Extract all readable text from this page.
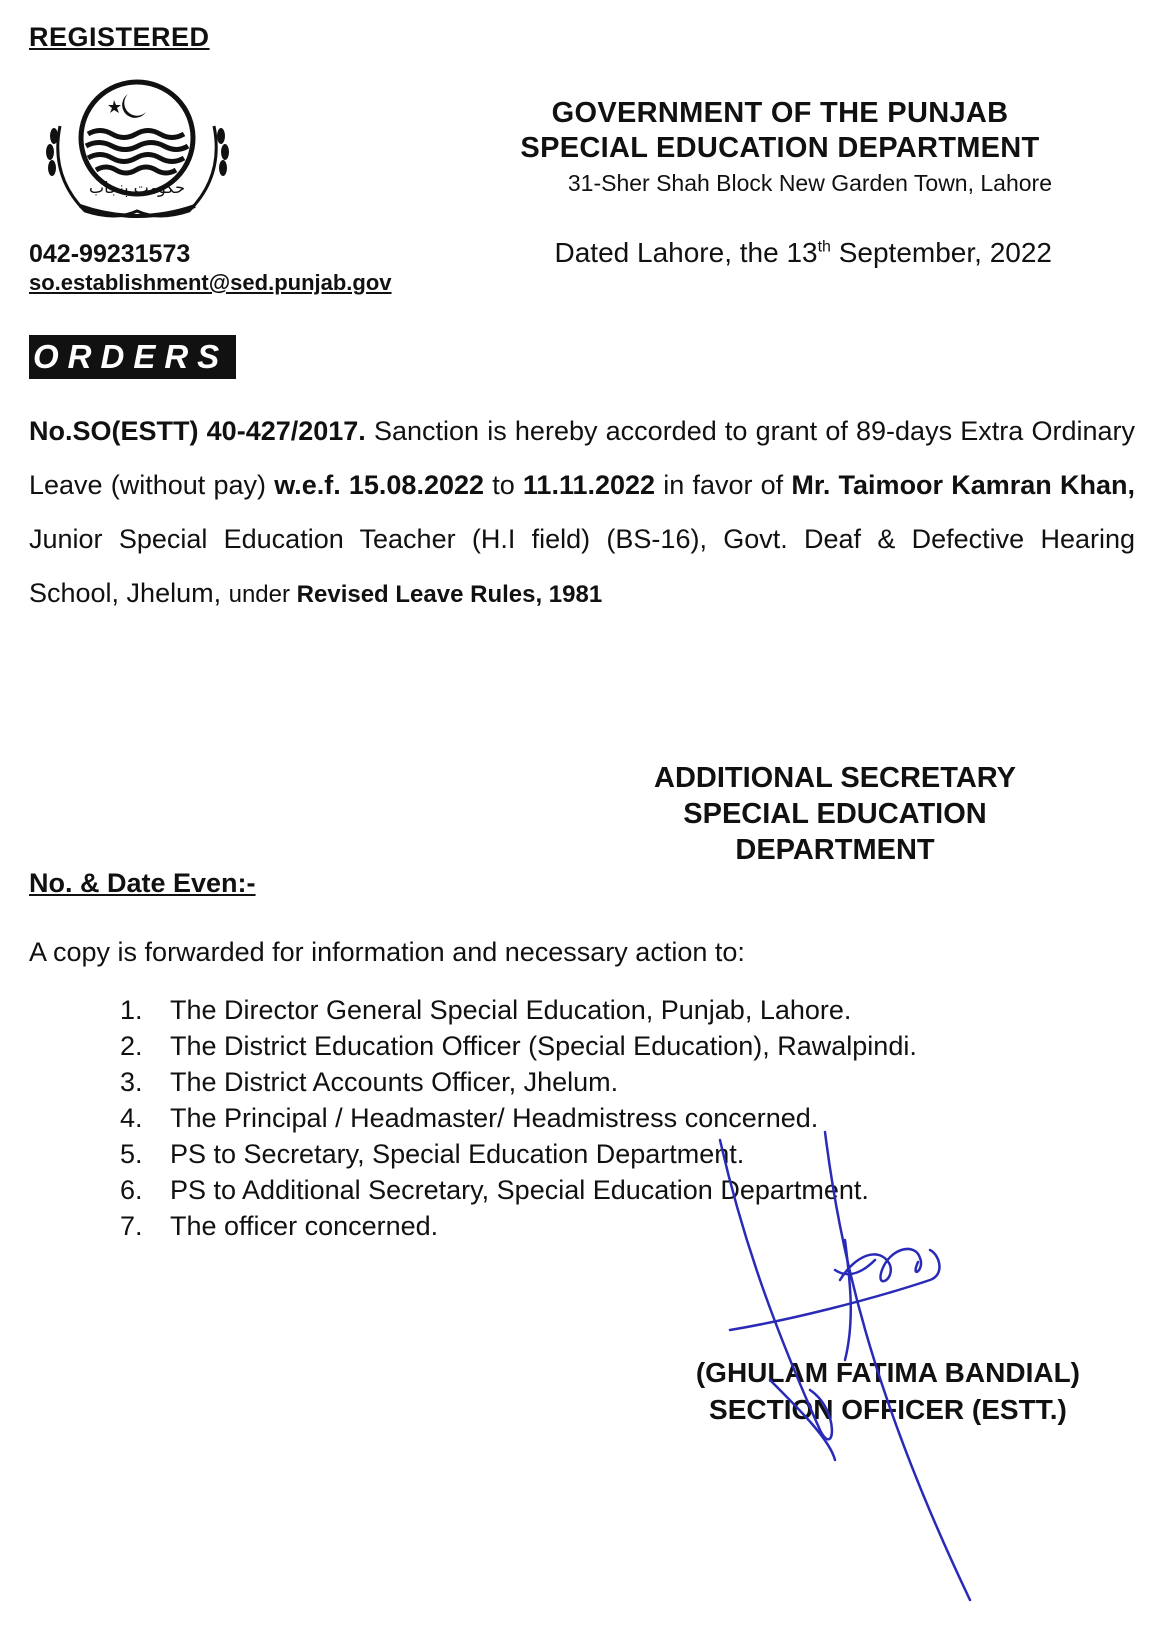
REGISTERED
حکومت پنجاب
GOVERNMENT OF THE PUNJAB
SPECIAL EDUCATION DEPARTMENT
31-Sher Shah Block New Garden Town, Lahore
042-99231573
so.establishment@sed.punjab.gov
Dated Lahore, the 13th September, 2022
ORDERS
No.SO(ESTT) 40-427/2017. Sanction is hereby accorded to grant of 89-days Extra Ordinary Leave (without pay) w.e.f. 15.08.2022 to 11.11.2022 in favor of Mr. Taimoor Kamran Khan, Junior Special Education Teacher (H.I field) (BS-16), Govt. Deaf & Defective Hearing School, Jhelum, under Revised Leave Rules, 1981
ADDITIONAL SECRETARY
SPECIAL EDUCATION
DEPARTMENT
No. & Date Even:-
A copy is forwarded for information and necessary action to:
1. The Director General Special Education, Punjab, Lahore.
2. The District Education Officer (Special Education), Rawalpindi.
3. The District Accounts Officer, Jhelum.
4. The Principal / Headmaster/ Headmistress concerned.
5. PS to Secretary, Special Education Department.
6. PS to Additional Secretary, Special Education Department.
7. The officer concerned.
(GHULAM FATIMA BANDIAL)
SECTION OFFICER (ESTT.)
